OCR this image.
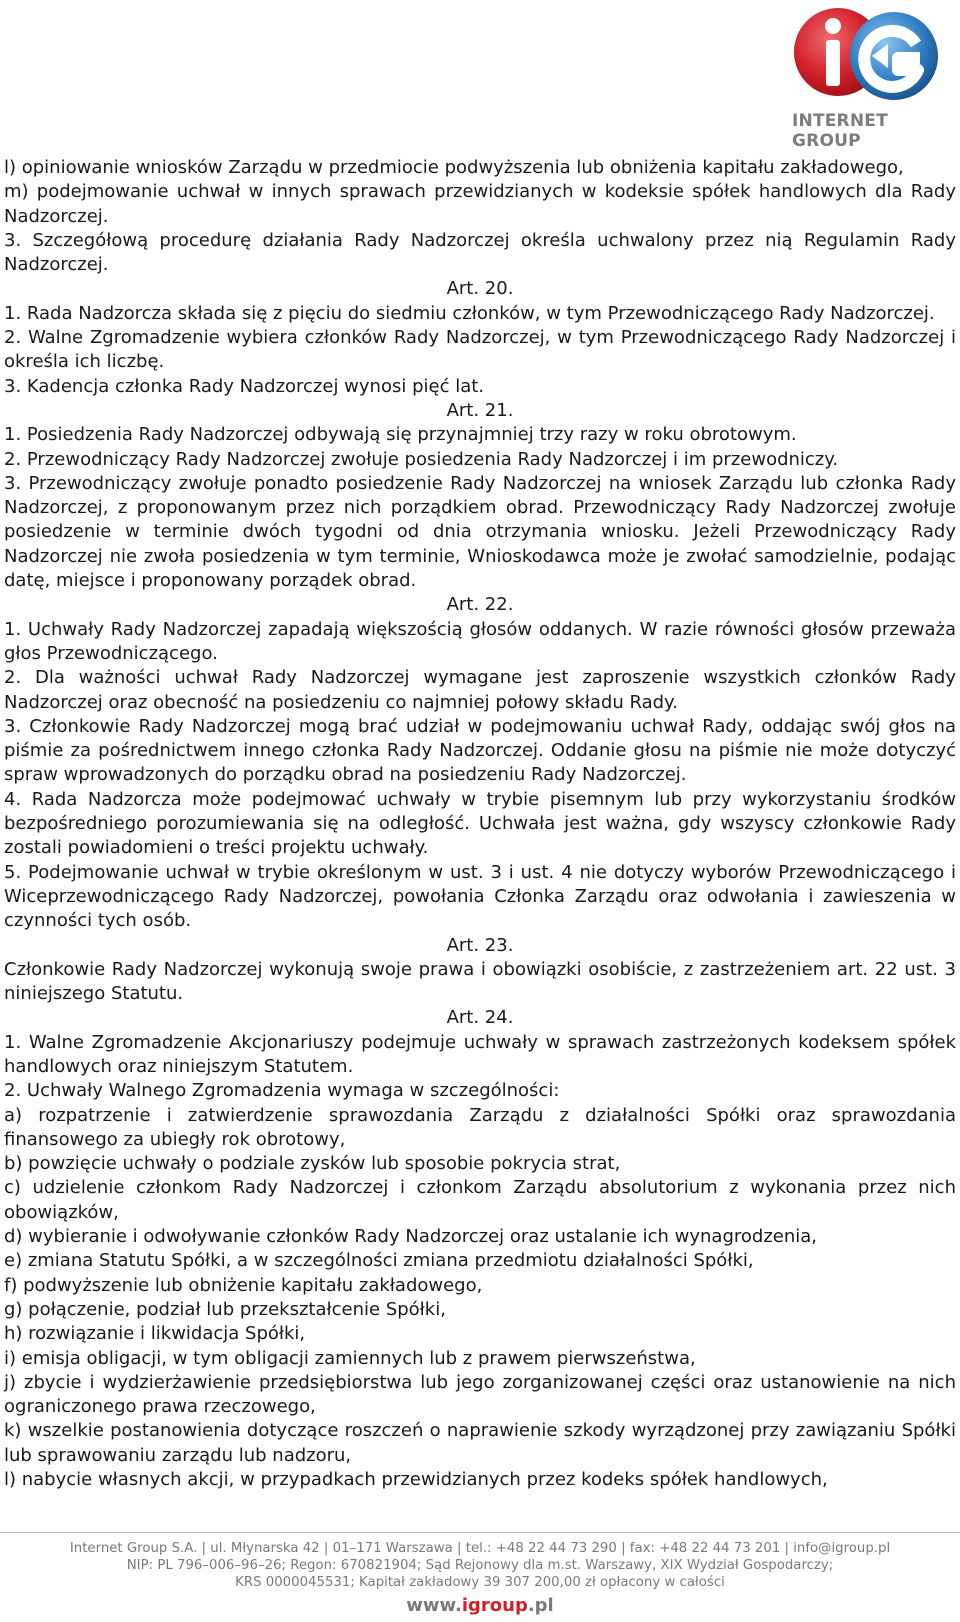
INTERNET GROUP

l) opiniowanie wniosków Zarządu w przedmiocie podwyższenia lub obniżenia kapitału zakładowego,

m) podejmowanie uchwał w innych sprawach przewidzianych w kodeksie spółek handlowych dla Rady Nadzorczej.

3. Szczegółową procedurę działania Rady Nadzorczej określa uchwalony przez nią Regulamin Rady Nadzorczej.

Art. 20.

1. Rada Nadzorcza składa się z pięciu do siedmiu członków, w tym Przewodniczącego Rady Nadzorczej.

2. Walne Zgromadzenie wybiera członków Rady Nadzorczej, w tym Przewodniczącego Rady Nadzorczej i określa ich liczbę.

3. Kadencja członka Rady Nadzorczej wynosi pięć lat.

Art. 21.

1. Posiedzenia Rady Nadzorczej odbywają się przynajmniej trzy razy w roku obrotowym.

2. Przewodniczący Rady Nadzorczej zwołuje posiedzenia Rady Nadzorczej i im przewodniczy.

3. Przewodniczący zwołuje ponadto posiedzenie Rady Nadzorczej na wniosek Zarządu lub członka Rady Nadzorczej, z proponowanym przez nich porządkiem obrad. Przewodniczący Rady Nadzorczej zwołuje posiedzenie w terminie dwóch tygodni od dnia otrzymania wniosku. Jeżeli Przewodniczący Rady Nadzorczej nie zwoła posiedzenia w tym terminie, Wnioskodawca może je zwołać samodzielnie, podając datę, miejsce i proponowany porządek obrad.

Art. 22.

1. Uchwały Rady Nadzorczej zapadają większością głosów oddanych. W razie równości głosów przeważa głos Przewodniczącego.

2. Dla ważności uchwał Rady Nadzorczej wymagane jest zaproszenie wszystkich członków Rady Nadzorczej oraz obecność na posiedzeniu co najmniej połowy składu Rady.

3. Członkowie Rady Nadzorczej mogą brać udział w podejmowaniu uchwał Rady, oddając swój głos na piśmie za pośrednictwem innego członka Rady Nadzorczej. Oddanie głosu na piśmie nie może dotyczyć spraw wprowadzonych do porządku obrad na posiedzeniu Rady Nadzorczej.

4. Rada Nadzorcza może podejmować uchwały w trybie pisemnym lub przy wykorzystaniu środków bezpośredniego porozumiewania się na odległość. Uchwała jest ważna, gdy wszyscy członkowie Rady zostali powiadomieni o treści projektu uchwały.

5. Podejmowanie uchwał w trybie określonym w ust. 3 i ust. 4 nie dotyczy wyborów Przewodniczącego i Wiceprzewodniczącego Rady Nadzorczej, powołania Członka Zarządu oraz odwołania i zawieszenia w czynności tych osób.

Art. 23.

Członkowie Rady Nadzorczej wykonują swoje prawa i obowiązki osobiście, z zastrzeżeniem art. 22 ust. 3 niniejszego Statutu.

Art. 24.

1. Walne Zgromadzenie Akcjonariuszy podejmuje uchwały w sprawach zastrzeżonych kodeksem spółek handlowych oraz niniejszym Statutem.

2. Uchwały Walnego Zgromadzenia wymaga w szczególności:

a) rozpatrzenie i zatwierdzenie sprawozdania Zarządu z działalności Spółki oraz sprawozdania finansowego za ubiegły rok obrotowy,

b) powzięcie uchwały o podziale zysków lub sposobie pokrycia strat,

c) udzielenie członkom Rady Nadzorczej i członkom Zarządu absolutorium z wykonania przez nich obowiązków,

d) wybieranie i odwoływanie członków Rady Nadzorczej oraz ustalanie ich wynagrodzenia,

e) zmiana Statutu Spółki, a w szczególności zmiana przedmiotu działalności Spółki,

f) podwyższenie lub obniżenie kapitału zakładowego,

g) połączenie, podział lub przekształcenie Spółki,

h) rozwiązanie i likwidacja Spółki,

i) emisja obligacji, w tym obligacji zamiennych lub z prawem pierwszeństwa,

j) zbycie i wydzierżawienie przedsiębiorstwa lub jego zorganizowanej części oraz ustanowienie na nich ograniczonego prawa rzeczowego,

k) wszelkie postanowienia dotyczące roszczeń o naprawienie szkody wyrządzonej przy zawiązaniu Spółki lub sprawowaniu zarządu lub nadzoru,

l) nabycie własnych akcji, w przypadkach przewidzianych przez kodeks spółek handlowych,

Internet Group S.A. | ul. Młynarska 42 | 01–171 Warszawa | tel.: +48 22 44 73 290 | fax: +48 22 44 73 201 | info@igroup.pl
NIP: PL 796–006–96–26; Regon: 670821904; Sąd Rejonowy dla m.st. Warszawy, XIX Wydział Gospodarczy;
KRS 0000045531; Kapitał zakładowy 39 307 200,00 zł opłacony w całości
www.igroup.pl
